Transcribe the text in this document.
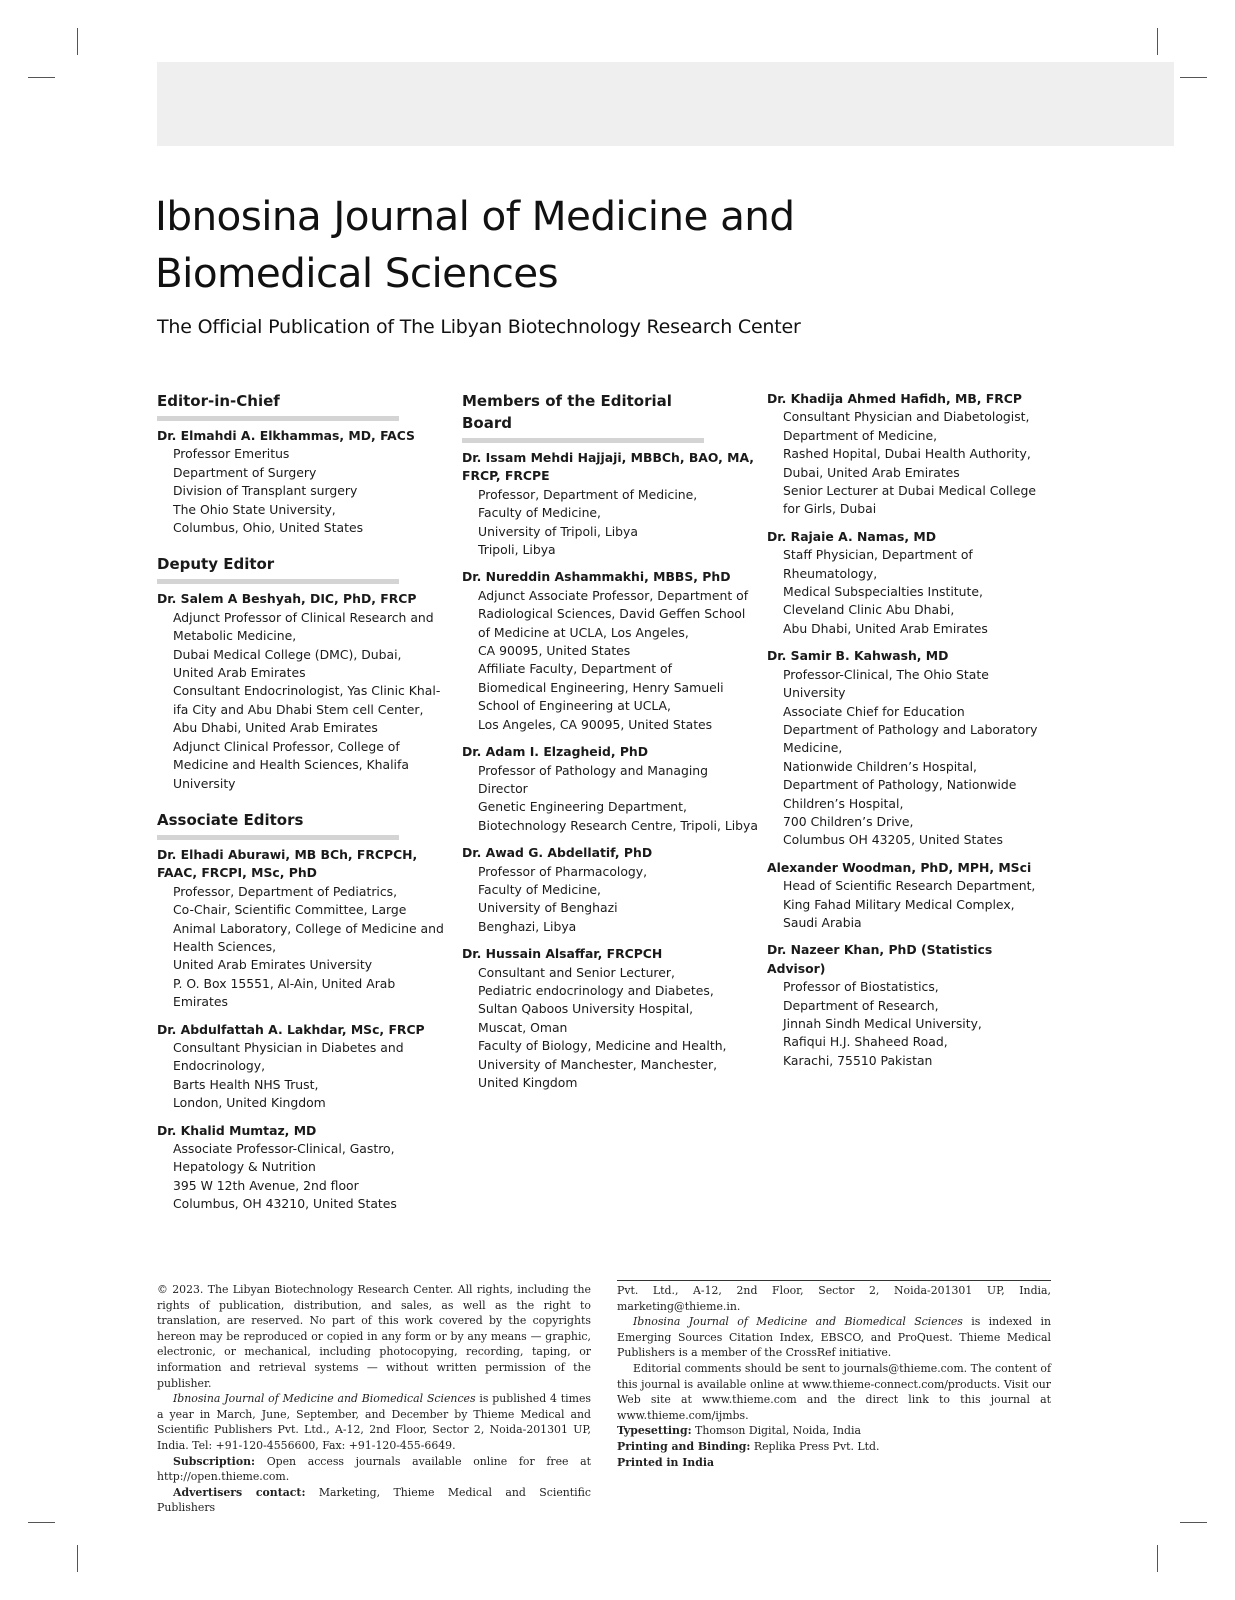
Ibnosina Journal of Medicine and Biomedical Sciences
The Official Publication of The Libyan Biotechnology Research Center
Editor-in-Chief
Dr. Elmahdi A. Elkhammas, MD, FACS
Professor Emeritus
Department of Surgery
Division of Transplant surgery
The Ohio State University,
Columbus, Ohio, United States
Deputy Editor
Dr. Salem A Beshyah, DIC, PhD, FRCP
Adjunct Professor of Clinical Research and
Metabolic Medicine,
Dubai Medical College (DMC), Dubai,
United Arab Emirates
Consultant Endocrinologist, Yas Clinic Khal-
ifa City and Abu Dhabi Stem cell Center,
Abu Dhabi, United Arab Emirates
Adjunct Clinical Professor, College of
Medicine and Health Sciences, Khalifa
University
Associate Editors
Dr. Elhadi Aburawi, MB BCh, FRCPCH, FAAC, FRCPI, MSc, PhD
Professor, Department of Pediatrics,
Co-Chair, Scientific Committee, Large
Animal Laboratory, College of Medicine and
Health Sciences,
United Arab Emirates University
P. O. Box 15551, Al-Ain, United Arab Emirates
Dr. Abdulfattah A. Lakhdar, MSc, FRCP
Consultant Physician in Diabetes and
Endocrinology,
Barts Health NHS Trust,
London, United Kingdom
Dr. Khalid Mumtaz, MD
Associate Professor-Clinical, Gastro,
Hepatology & Nutrition
395 W 12th Avenue, 2nd floor
Columbus, OH 43210, United States
Members of the Editorial Board
Dr. Issam Mehdi Hajjaji, MBBCh, BAO, MA, FRCP, FRCPE
Professor, Department of Medicine,
Faculty of Medicine,
University of Tripoli, Libya
Tripoli, Libya
Dr. Nureddin Ashammakhi, MBBS, PhD
Adjunct Associate Professor, Department of
Radiological Sciences, David Geffen School
of Medicine at UCLA, Los Angeles,
CA 90095, United States
Affiliate Faculty, Department of
Biomedical Engineering, Henry Samueli
School of Engineering at UCLA,
Los Angeles, CA 90095, United States
Dr. Adam I. Elzagheid, PhD
Professor of Pathology and Managing
Director
Genetic Engineering Department,
Biotechnology Research Centre, Tripoli, Libya
Dr. Awad G. Abdellatif, PhD
Professor of Pharmacology,
Faculty of Medicine,
University of Benghazi
Benghazi, Libya
Dr. Hussain Alsaffar, FRCPCH
Consultant and Senior Lecturer,
Pediatric endocrinology and Diabetes,
Sultan Qaboos University Hospital,
Muscat, Oman
Faculty of Biology, Medicine and Health,
University of Manchester, Manchester,
United Kingdom
Dr. Khadija Ahmed Hafidh, MB, FRCP
Consultant Physician and Diabetologist,
Department of Medicine,
Rashed Hopital, Dubai Health Authority,
Dubai, United Arab Emirates
Senior Lecturer at Dubai Medical College
for Girls, Dubai
Dr. Rajaie A. Namas, MD
Staff Physician, Department of
Rheumatology,
Medical Subspecialties Institute,
Cleveland Clinic Abu Dhabi,
Abu Dhabi, United Arab Emirates
Dr. Samir B. Kahwash, MD
Professor-Clinical, The Ohio State University
Associate Chief for Education
Department of Pathology and Laboratory
Medicine,
Nationwide Children’s Hospital,
Department of Pathology, Nationwide
Children’s Hospital,
700 Children’s Drive,
Columbus OH 43205, United States
Alexander Woodman, PhD, MPH, MSci
Head of Scientific Research Department,
King Fahad Military Medical Complex,
Saudi Arabia
Dr. Nazeer Khan, PhD (Statistics Advisor)
Professor of Biostatistics,
Department of Research,
Jinnah Sindh Medical University,
Rafiqui H.J. Shaheed Road,
Karachi, 75510 Pakistan

© 2023. The Libyan Biotechnology Research Center. All rights, including the rights of publication, distribution, and sales, as well as the right to translation, are reserved. No part of this work covered by the copyrights hereon may be reproduced or copied in any form or by any means — graphic, electronic, or mechanical, including photocopying, recording, taping, or information and retrieval systems — without written permission of the publisher.

Ibnosina Journal of Medicine and Biomedical Sciences is published 4 times a year in March, June, September, and December by Thieme Medical and Scientific Publishers Pvt. Ltd., A-12, 2nd Floor, Sector 2, Noida-201301 UP, India. Tel: +91-120-4556600, Fax: +91-120-455-6649.

Subscription: Open access journals available online for free at http://open.thieme.com.

Advertisers contact: Marketing, Thieme Medical and Scientific Publishers

Pvt. Ltd., A-12, 2nd Floor, Sector 2, Noida-201301 UP, India, marketing@thieme.in.

Ibnosina Journal of Medicine and Biomedical Sciences is indexed in Emerging Sources Citation Index, EBSCO, and ProQuest. Thieme Medical Publishers is a member of the CrossRef initiative.

Editorial comments should be sent to journals@thieme.com. The content of this journal is available online at www.thieme-connect.com/products. Visit our Web site at www.thieme.com and the direct link to this journal at www.thieme.com/ijmbs.

Typesetting: Thomson Digital, Noida, India

Printing and Binding: Replika Press Pvt. Ltd.

Printed in India
